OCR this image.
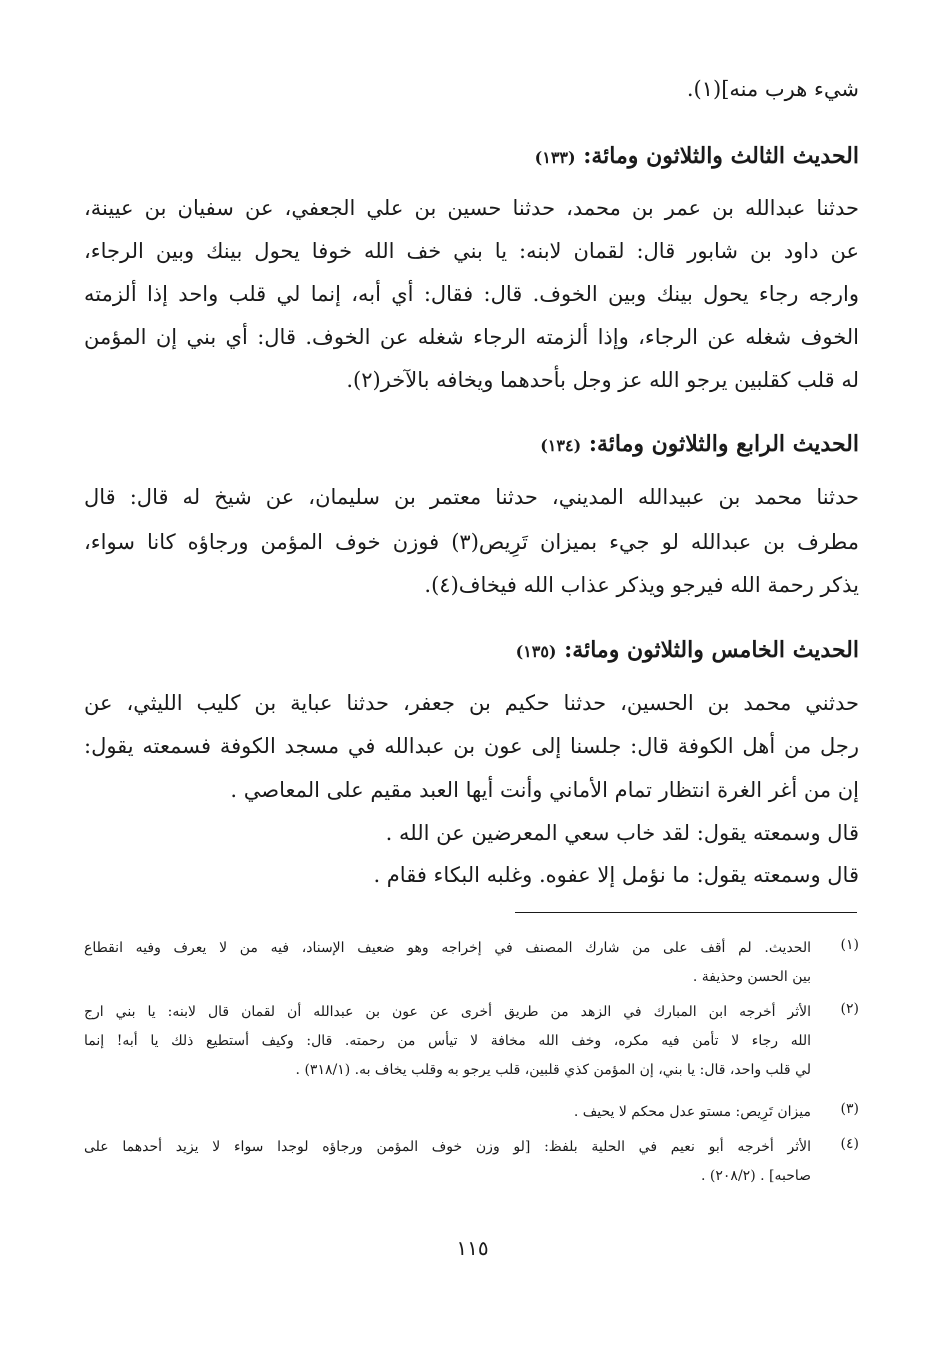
شيء هرب منه](١).
الحديث الثالث والثلاثون ومائة: (١٣٣)
حدثنا عبدالله بن عمر بن محمد، حدثنا حسين بن علي الجعفي، عن سفيان بن عيينة،
عن داود بن شابور قال: لقمان لابنه: يا بني خف الله خوفا يحول بينك وبين الرجاء،
وارجه رجاء يحول بينك وبين الخوف. قال: فقال: أي أبه، إنما لي قلب واحد إذا ألزمته
الخوف شغله عن الرجاء، وإذا ألزمته الرجاء شغله عن الخوف. قال: أي بني إن المؤمن
له قلب كقلبين يرجو الله عز وجل بأحدهما ويخافه بالآخر(٢).
الحديث الرابع والثلاثون ومائة: (١٣٤)
حدثنا محمد بن عبيدالله المديني، حدثنا معتمر بن سليمان، عن شيخ له قال: قال
مطرف بن عبدالله لو جيء بميزان تَرِيص(٣) فوزن خوف المؤمن ورجاؤه كانا سواء،
يذكر رحمة الله فيرجو ويذكر عذاب الله فيخاف(٤).
الحديث الخامس والثلاثون ومائة: (١٣٥)
حدثني محمد بن الحسين، حدثنا حكيم بن جعفر، حدثنا عباية بن كليب الليثي، عن
رجل من أهل الكوفة قال: جلسنا إلى عون بن عبدالله في مسجد الكوفة فسمعته يقول:
إن من أغر الغرة انتظار تمام الأماني وأنت أيها العبد مقيم على المعاصي .
قال وسمعته يقول: لقد خاب سعي المعرضين عن الله .
قال وسمعته يقول: ما نؤمل إلا عفوه. وغلبه البكاء فقام .
(١)
الحديث. لم أقف على من شارك المصنف في إخراجه وهو ضعيف الإسناد، فيه من لا يعرف وفيه انقطاع
بين الحسن وحذيفة .
(٢)
الأثر أخرجه ابن المبارك في الزهد من طريق أخرى عن عون بن عبدالله أن لقمان قال لابنه: يا بني ارج
الله رجاء لا تأمن فيه مكره، وخف الله مخافة لا تيأس من رحمته. قال: وكيف أستطيع ذلك يا أبه! إنما
لي قلب واحد، قال: يا بني، إن المؤمن كذي قلبين، قلب يرجو به وقلب يخاف به. (٣١٨/١) .
(٣)
ميزان تَرِيص: مستو عدل محكم لا يحيف .
(٤)
الأثر أخرجه أبو نعيم في الحلية بلفظ: [لو وزن خوف المؤمن ورجاؤه لوجدا سواء لا يزيد أحدهما على
صاحبه] . (٢٠٨/٢) .
١١٥
